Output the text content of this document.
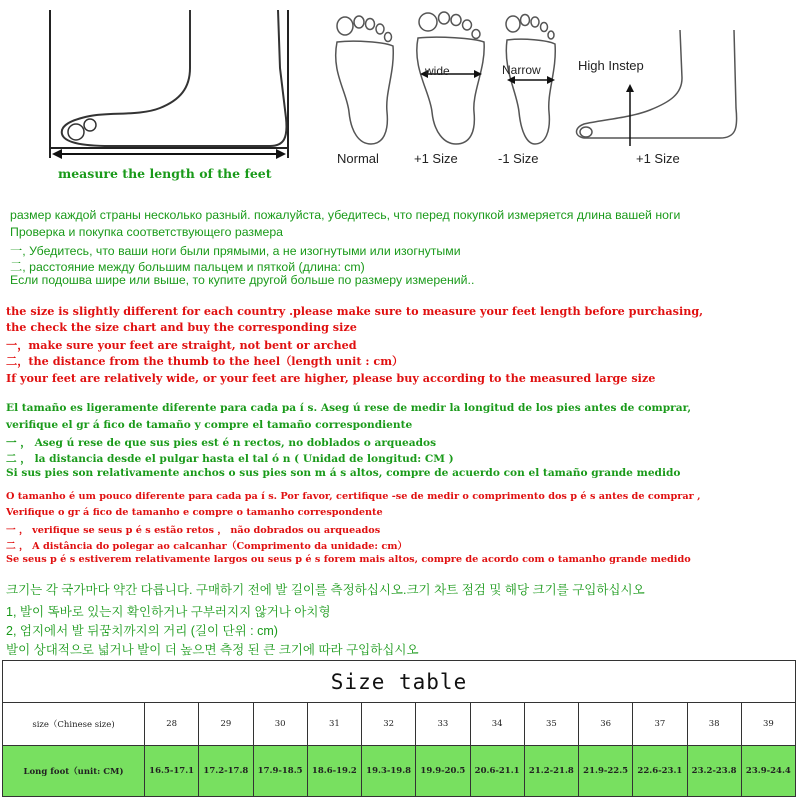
measure the length of the feet
Normal
wide
+1 Size
Narrow
-1 Size
High Instep
+1 Size
размер каждой страны несколько разный. пожалуйста, убедитесь, что перед покупкой измеряется длина вашей ноги
Проверка и покупка соответствующего размера
一, Убедитесь, что ваши ноги были прямыми, а не изогнутыми или изогнутыми
二, расстояние между большим пальцем и пяткой (длина: cm)
Если подошва шире или выше, то купите другой больше по размеру измерений..
the size is slightly different for each country .please make sure to measure your feet length before purchasing,
the check the size chart and buy the corresponding size
一，make sure your feet are straight, not bent or arched
二，the distance from the thumb to the heel（length unit : cm）
If your feet are relatively wide, or your feet are higher, please buy according to the measured large size
El tamaño es ligeramente diferente para cada pa í s. Aseg ú rese de medir la longitud de los pies antes de comprar,
verifique el gr á fico de tamaño y compre el tamaño correspondiente
一 ， Aseg ú rese de que sus pies est é n rectos, no doblados o arqueados
二 ， la distancia desde el pulgar hasta el tal ó n ( Unidad de longitud: CM )
Si sus pies son relativamente anchos o sus pies son m á s altos, compre de acuerdo con el tamaño grande medido
O tamanho é um pouco diferente para cada pa í s. Por favor, certifique -se de medir o comprimento dos p é s antes de comprar ,
Verifique o gr á fico de tamanho e compre o tamanho correspondente
一 ， verifique se seus p é s estão retos ， não dobrados ou arqueados
二 ， A distância do polegar ao calcanhar（Comprimento da unidade: cm）
Se seus p é s estiverem relativamente largos ou seus p é s forem mais altos, compre de acordo com o tamanho grande medido
크기는 각 국가마다 약간 다릅니다. 구매하기 전에 발 길이를 측정하십시오.크기 차트 점검 및 해당 크기를 구입하십시오
1, 발이 똑바로 있는지 확인하거나 구부러지지 않거나 아치형
2, 엄지에서 발 뒤꿈치까지의 거리 (길이 단위 : cm)
발이 상대적으로 넓거나 발이 더 높으면 측정 된 큰 크기에 따라 구입하십시오
Size table
size（Chinese size)	28	29	30	31	32	33	34	35	36	37	38	39
Long foot（unit: CM)	16.5-17.1	17.2-17.8	17.9-18.5	18.6-19.2	19.3-19.8	19.9-20.5	20.6-21.1	21.2-21.8	21.9-22.5	22.6-23.1	23.2-23.8	23.9-24.4
